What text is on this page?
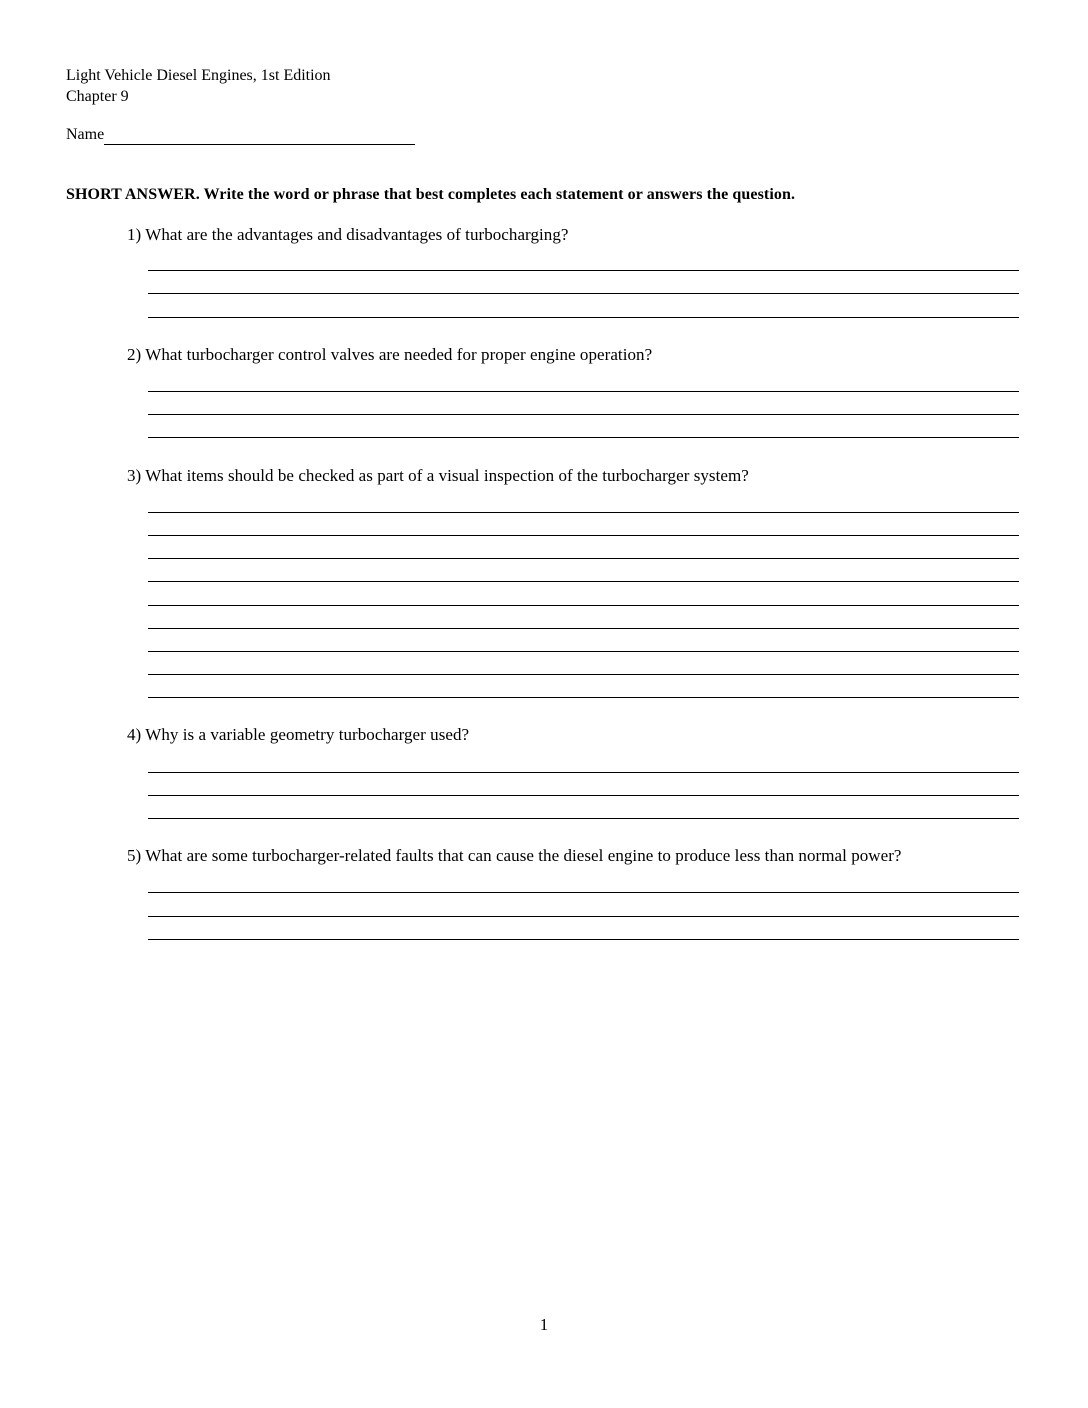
Light Vehicle Diesel Engines, 1st Edition
Chapter 9
Name
SHORT ANSWER. Write the word or phrase that best completes each statement or answers the question.
1) What are the advantages and disadvantages of turbocharging?
2) What turbocharger control valves are needed for proper engine operation?
3) What items should be checked as part of a visual inspection of the turbocharger system?
4) Why is a variable geometry turbocharger used?
5) What are some turbocharger-related faults that can cause the diesel engine to produce less than normal power?
1
